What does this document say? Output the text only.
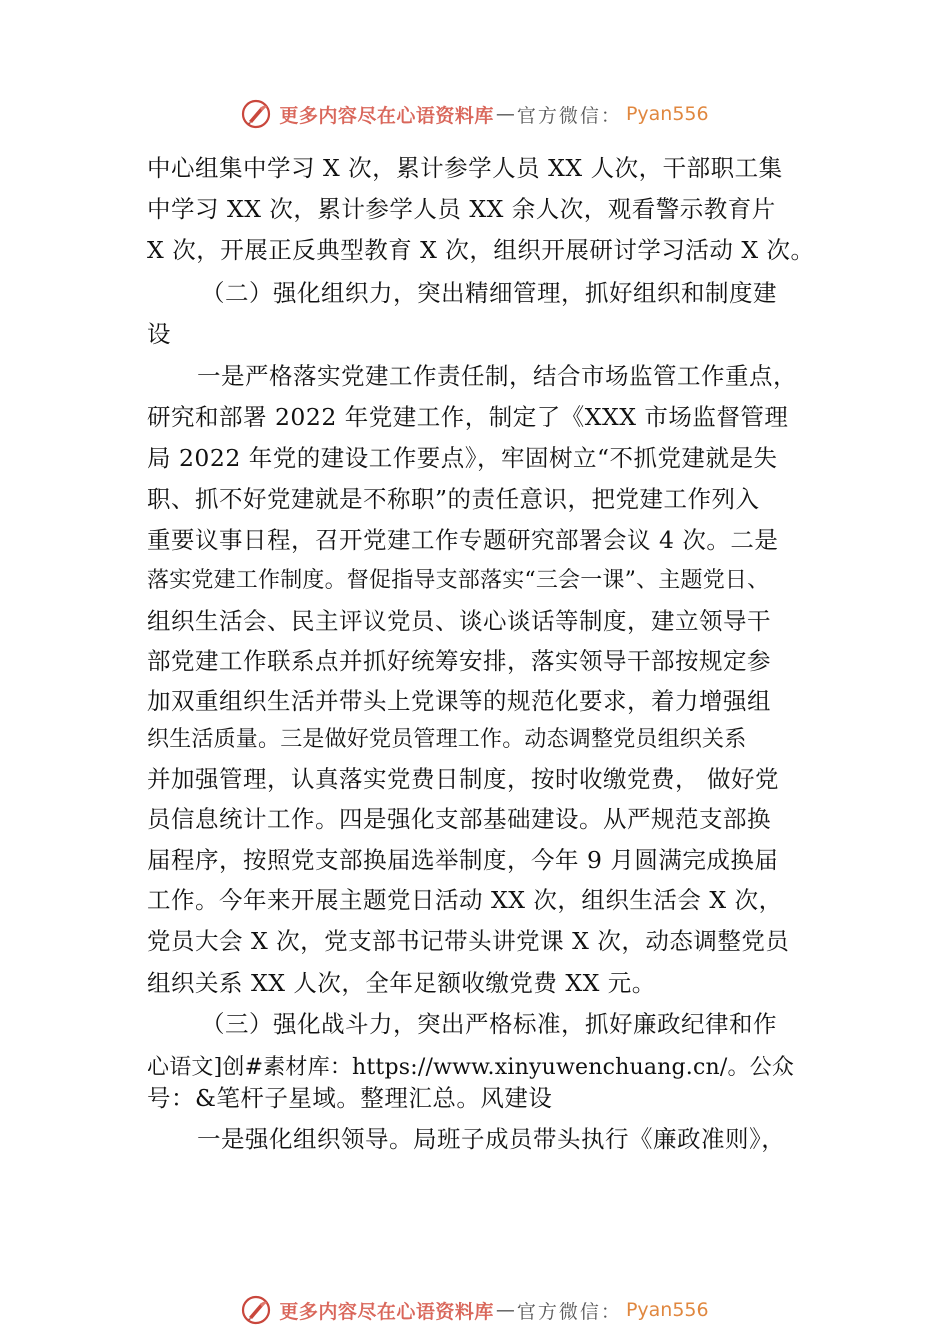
更多内容尽在心语资料库 — 官方微信： Pyan556
中心组集中学习 X 次，累计参学人员 XX 人次，干部职工集
中学习 XX 次，累计参学人员 XX 余人次，观看警示教育片
X 次，开展正反典型教育 X 次，组织开展研讨学习活动 X 次。
（二）强化组织力，突出精细管理，抓好组织和制度建
设
一是严格落实党建工作责任制，结合市场监管工作重点，
研究和部署 2022 年党建工作，制定了《XXX 市场监督管理
局 2022 年党的建设工作要点》，牢固树立“不抓党建就是失
职、抓不好党建就是不称职”的责任意识，把党建工作列入
重要议事日程，召开党建工作专题研究部署会议 4 次。二是
落实党建工作制度。督促指导支部落实“三会一课”、主题党日、
组织生活会、民主评议党员、谈心谈话等制度，建立领导干
部党建工作联系点并抓好统筹安排，落实领导干部按规定参
加双重组织生活并带头上党课等的规范化要求，着力增强组
织生活质量。三是做好党员管理工作。动态调整党员组织关系
并加强管理，认真落实党费日制度，按时收缴党费， 做好党
员信息统计工作。四是强化支部基础建设。从严规范支部换
届程序，按照党支部换届选举制度，今年 9 月圆满完成换届
工作。今年来开展主题党日活动 XX 次，组织生活会 X 次，
党员大会 X 次，党支部书记带头讲党课 X 次，动态调整党员
组织关系 XX 人次，全年足额收缴党费 XX 元。
（三）强化战斗力，突出严格标准，抓好廉政纪律和作
心语文]创#素材库：https://www.xinyuwenchuang.cn/。公众
号：&笔杆子星域。整理汇总。风建设
一是强化组织领导。局班子成员带头执行《廉政准则》，
更多内容尽在心语资料库 — 官方微信： Pyan556
